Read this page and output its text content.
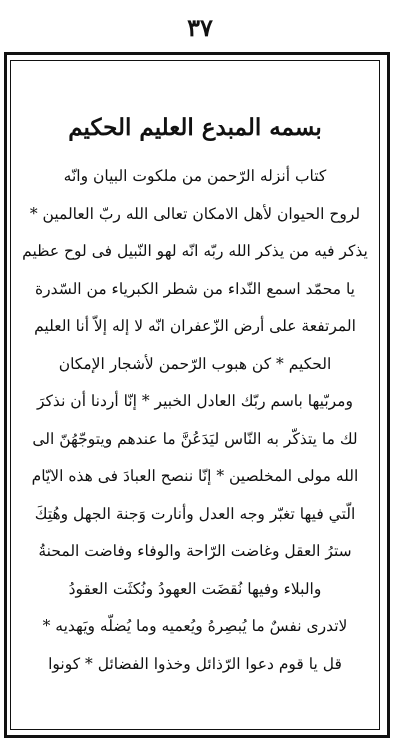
٣٧
بسمه المبدع العليم الحكيم
كتاب أنزله الرّحمن من ملكوت البيان وانّه
لروح الحيوان لأهل الامكان تعالى الله ربّ العالمين *
يذكر فيه من يذكر الله ربّه انّه لهو النّبيل فى لوح عظيم
يا محمّد اسمع النّداء من شطر الكبرياء من السّدرة
المرتفعة على أرض الزّعفران انّه لا إله إلاّ أنا العليم
الحكيم * كن هبوب الرّحمن لأشجار الإمكان
ومربّيها باسم ربّك العادل الخبير * إنّا أردنا أن نذكرَ
لك ما يتذكّر به النّاس ليَدَعُنَّ ما عندهم ويتوجّهُنّ الى
الله مولى المخلصين * إنّا ننصح العبادَ فى هذه الايّام
الّتي فيها تغبّر وجه العدل وأنارت وَجنة الجهل وهُتِكَ
سترُ العقل وغاضت الرّاحة والوفاء وفاضت المحنةُ
والبلاء وفيها نُقضَت العهودُ ونُكثَت العقودُ
لاتدرى نفسٌ ما يُبصِرهُ ويُعميه وما يُضلّه ويَهديه *
قل يا قوم دعوا الرّذائل وخذوا الفضائل * كونوا
